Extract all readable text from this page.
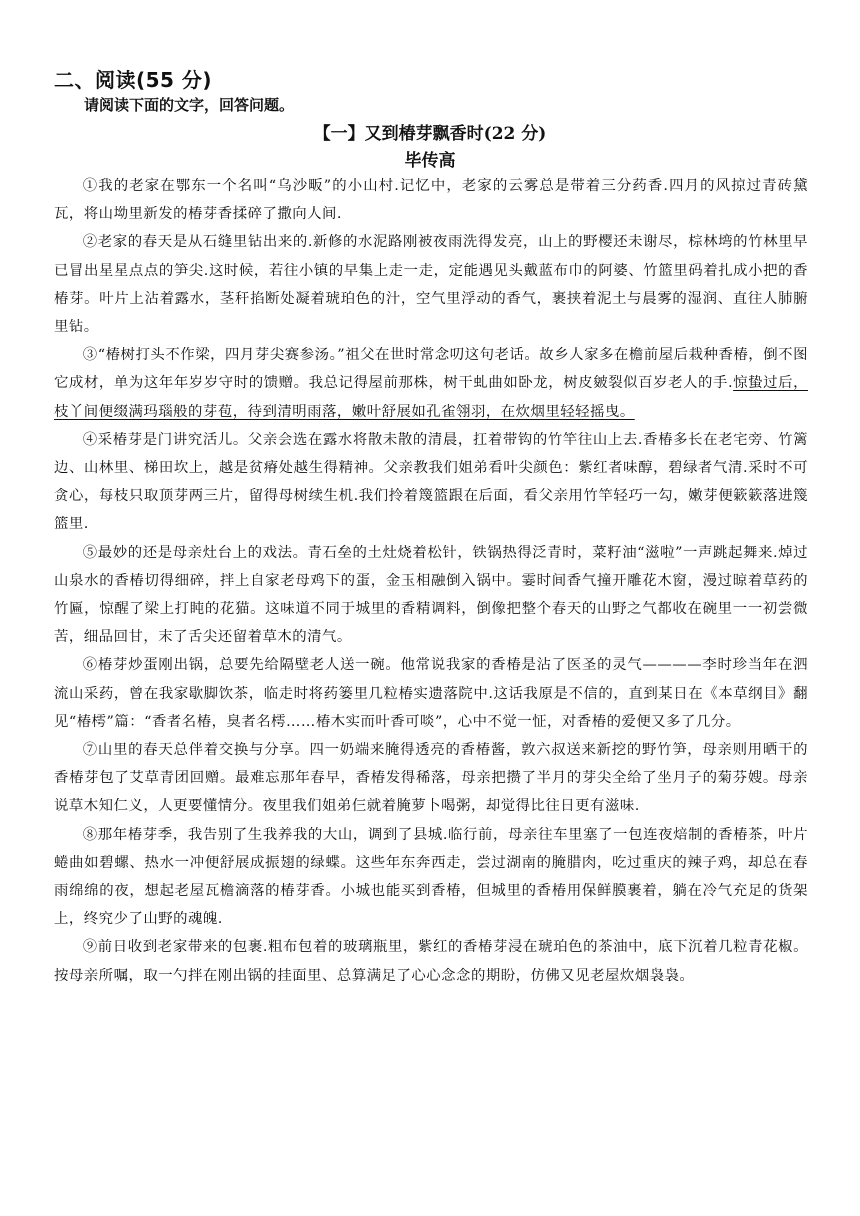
二、阅读(55 分)
请阅读下面的文字，回答问题。
【一】又到椿芽飘香时(22 分)
毕传高

①我的老家在鄂东一个名叫“乌沙畈”的小山村.记忆中，老家的云雾总是带着三分药香.四月的风掠过青砖黛瓦，将山坳里新发的椿芽香揉碎了撒向人间.

②老家的春天是从石缝里钻出来的.新修的水泥路刚被夜雨洗得发亮，山上的野樱还未谢尽，棕林塆的竹林里早已冒出星星点点的笋尖.这时候，若往小镇的早集上走一走，定能遇见头戴蓝布巾的阿婆、竹篮里码着扎成小把的香椿芽。叶片上沾着露水，茎秆掐断处凝着琥珀色的汁，空气里浮动的香气，裹挟着泥土与晨雾的湿润、直往人肺腑里钻。

③“椿树打头不作梁，四月芽尖赛参汤。”祖父在世时常念叨这句老话。故乡人家多在檐前屋后栽种香椿，倒不图它成材，单为这年年岁岁守时的馈赠。我总记得屋前那株，树干虬曲如卧龙，树皮皴裂似百岁老人的手.惊蛰过后，枝丫间便缀满玛瑙般的芽苞，待到清明雨落，嫩叶舒展如孔雀翎羽，在炊烟里轻轻摇曳。

④采椿芽是门讲究活儿。父亲会选在露水将散未散的清晨，扛着带钩的竹竿往山上去.香椿多长在老宅旁、竹篱边、山林里、梯田坎上，越是贫瘠处越生得精神。父亲教我们姐弟看叶尖颜色：紫红者味醇，碧绿者气清.采时不可贪心，每枝只取顶芽两三片，留得母树续生机.我们拎着篾篮跟在后面，看父亲用竹竿轻巧一勾，嫩芽便簌簌落进篾篮里.

⑤最妙的还是母亲灶台上的戏法。青石垒的土灶烧着松针，铁锅热得泛青时，菜籽油“滋啦”一声跳起舞来.焯过山泉水的香椿切得细碎，拌上自家老母鸡下的蛋，金玉相融倒入锅中。霎时间香气撞开雕花木窗，漫过晾着草药的竹匾，惊醒了梁上打盹的花猫。这味道不同于城里的香精调料，倒像把整个春天的山野之气都收在碗里一一初尝微苦，细品回甘，末了舌尖还留着草木的清气。

⑥椿芽炒蛋刚出锅，总要先给隔壁老人送一碗。他常说我家的香椿是沾了医圣的灵气————李时珍当年在泗流山采药，曾在我家歇脚饮茶，临走时将药篓里几粒椿实遗落院中.这话我原是不信的，直到某日在《本草纲目》翻见“椿樗”篇：“香者名椿，臭者名樗……椿木实而叶香可啖”，心中不觉一怔，对香椿的爱便又多了几分。

⑦山里的春天总伴着交换与分享。四一奶端来腌得透亮的香椿酱，敦六叔送来新挖的野竹笋，母亲则用晒干的香椿芽包了艾草青团回赠。最难忘那年春早，香椿发得稀落，母亲把攒了半月的芽尖全给了坐月子的菊芬嫂。母亲说草木知仁义，人更要懂情分。夜里我们姐弟仨就着腌萝卜喝粥，却觉得比往日更有滋味.

⑧那年椿芽季，我告别了生我养我的大山，调到了县城.临行前，母亲往车里塞了一包连夜焙制的香椿茶，叶片蜷曲如碧螺、热水一冲便舒展成振翅的绿蝶。这些年东奔西走，尝过湖南的腌腊肉，吃过重庆的辣子鸡，却总在春雨绵绵的夜，想起老屋瓦檐滴落的椿芽香。小城也能买到香椿，但城里的香椿用保鲜膜裹着，躺在冷气充足的货架上，终究少了山野的魂魄.

⑨前日收到老家带来的包裹.粗布包着的玻璃瓶里，紫红的香椿芽浸在琥珀色的茶油中，底下沉着几粒青花椒。按母亲所嘱，取一勺拌在刚出锅的挂面里、总算满足了心心念念的期盼，仿佛又见老屋炊烟袅袅。
